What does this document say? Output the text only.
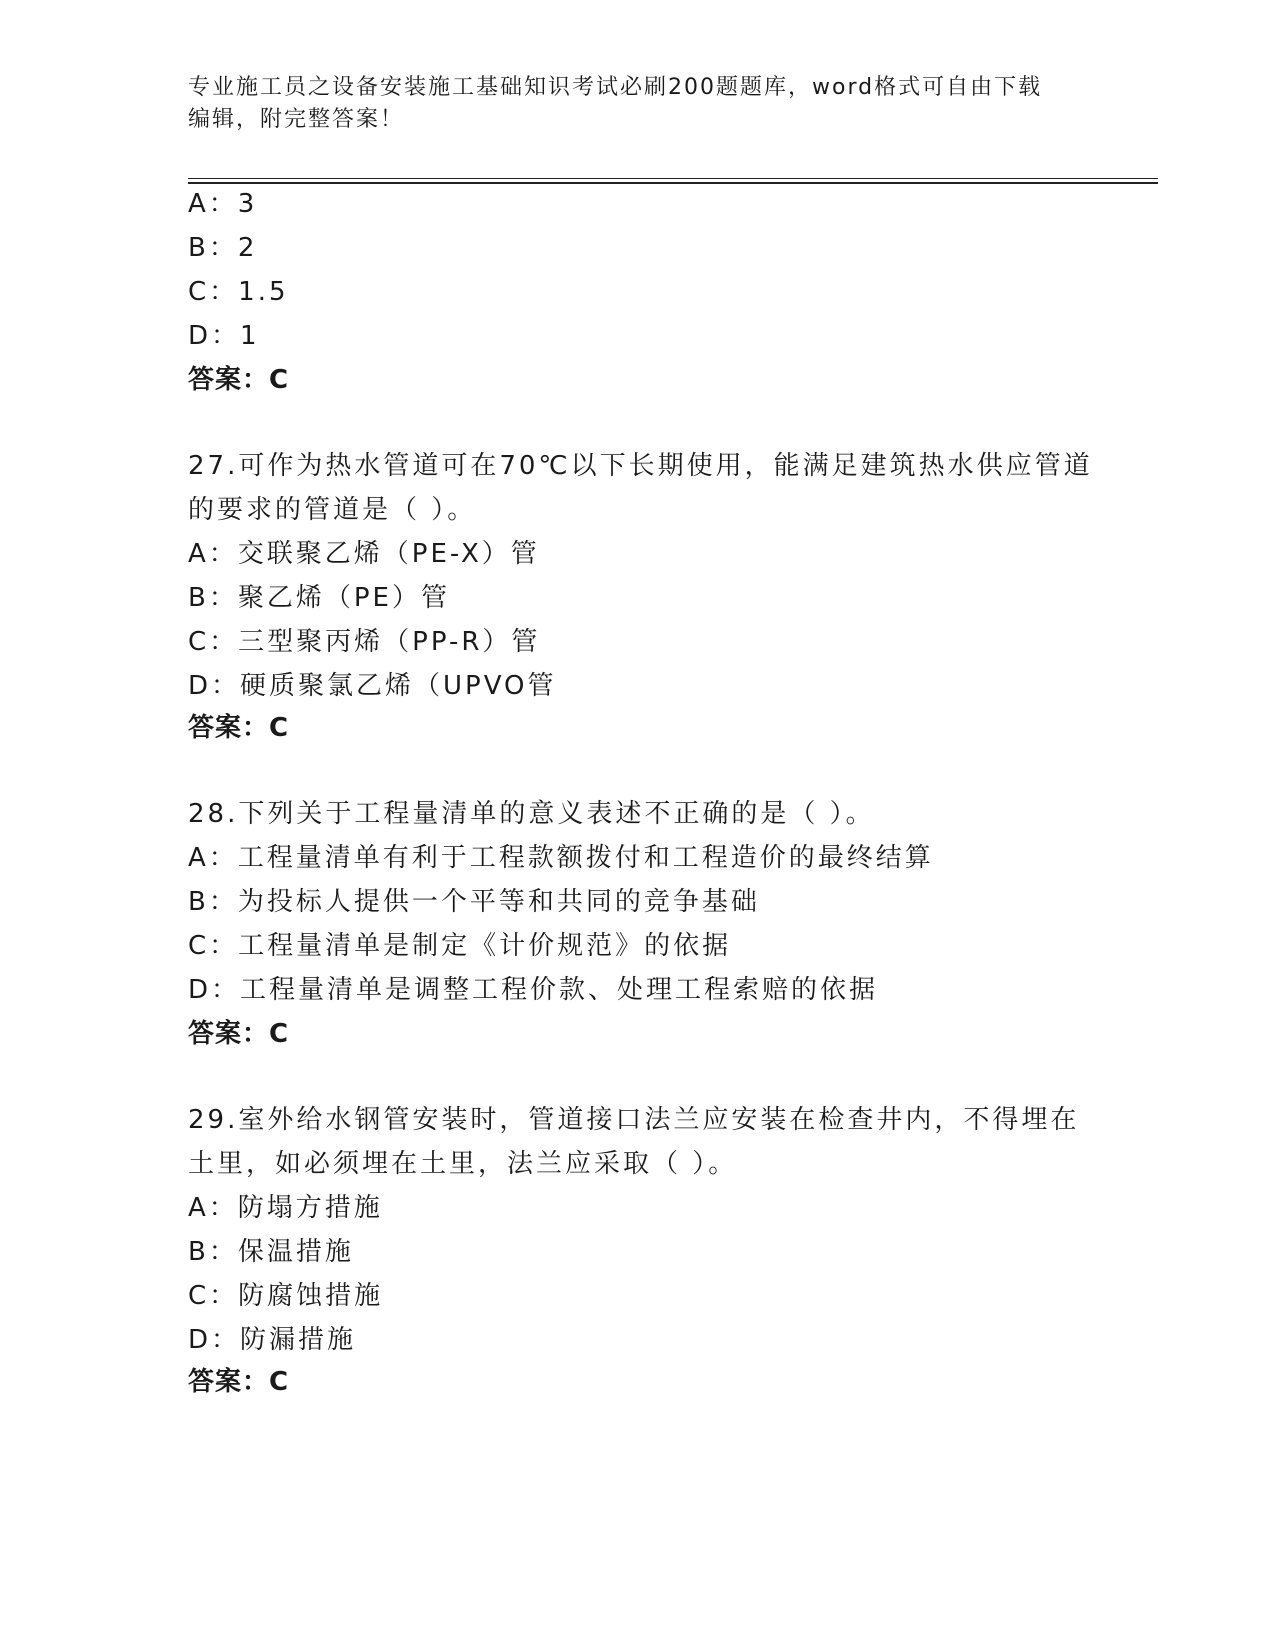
专业施工员之设备安装施工基础知识考试必刷200题题库，word格式可自由下载
编辑，附完整答案！
A：3
B：2
C：1.5
D：1
答案：C
27.可作为热水管道可在70℃以下长期使用，能满足建筑热水供应管道
的要求的管道是（ ）。
A：交联聚乙烯（PE-X）管
B：聚乙烯（PE）管
C：三型聚丙烯（PP-R）管
D：硬质聚氯乙烯（UPVO管
答案：C
28.下列关于工程量清单的意义表述不正确的是（ ）。
A：工程量清单有利于工程款额拨付和工程造价的最终结算
B：为投标人提供一个平等和共同的竞争基础
C：工程量清单是制定《计价规范》的依据
D：工程量清单是调整工程价款、处理工程索赔的依据
答案：C
29.室外给水钢管安装时，管道接口法兰应安装在检查井内，不得埋在
土里，如必须埋在土里，法兰应采取（ ）。
A：防塌方措施
B：保温措施
C：防腐蚀措施
D：防漏措施
答案：C
